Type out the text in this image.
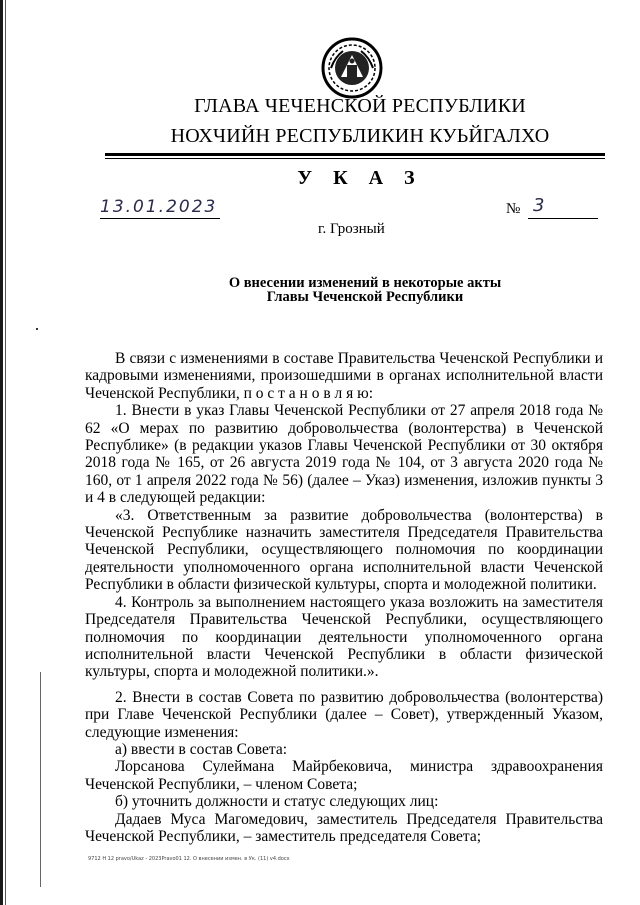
ГЛАВА ЧЕЧЕНСКОЙ РЕСПУБЛИКИ
НОХЧИЙН РЕСПУБЛИКИН КУЬЙГАЛХО
У К А З
13.01.2023	№ 3
г. Грозный
О внесении изменений в некоторые акты
Главы Чеченской Республики

В связи с изменениями в составе Правительства Чеченской Республики и кадровыми изменениями, произошедшими в органах исполнительной власти Чеченской Республики, п о с т а н о в л я ю:

1. Внести в указ Главы Чеченской Республики от 27 апреля 2018 года № 62 «О мерах по развитию добровольчества (волонтерства) в Чеченской Республике» (в редакции указов Главы Чеченской Республики от 30 октября 2018 года № 165, от 26 августа 2019 года № 104, от 3 августа 2020 года № 160, от 1 апреля 2022 года № 56) (далее – Указ) изменения, изложив пункты 3 и 4 в следующей редакции:

«3. Ответственным за развитие добровольчества (волонтерства) в Чеченской Республике назначить заместителя Председателя Правительства Чеченской Республики, осуществляющего полномочия по координации деятельности уполномоченного органа исполнительной власти Чеченской Республики в области физической культуры, спорта и молодежной политики.

4. Контроль за выполнением настоящего указа возложить на заместителя Председателя Правительства Чеченской Республики, осуществляющего полномочия по координации деятельности уполномоченного органа исполнительной власти Чеченской Республики в области физической культуры, спорта и молодежной политики.».

2. Внести в состав Совета по развитию добровольчества (волонтерства) при Главе Чеченской Республики (далее – Совет), утвержденный Указом, следующие изменения:

а) ввести в состав Совета:

Лорсанова Сулеймана Майрбековича, министра здравоохранения Чеченской Республики, – членом Совета;

б) уточнить должности и статус следующих лиц:

Дадаев Муса Магомедович, заместитель Председателя Правительства Чеченской Республики, – заместитель председателя Совета;

9712 Н 12 pravo/Ukaz - 2023Pravo01 12. О внесении измен. в Ук. (11) v4.docx
